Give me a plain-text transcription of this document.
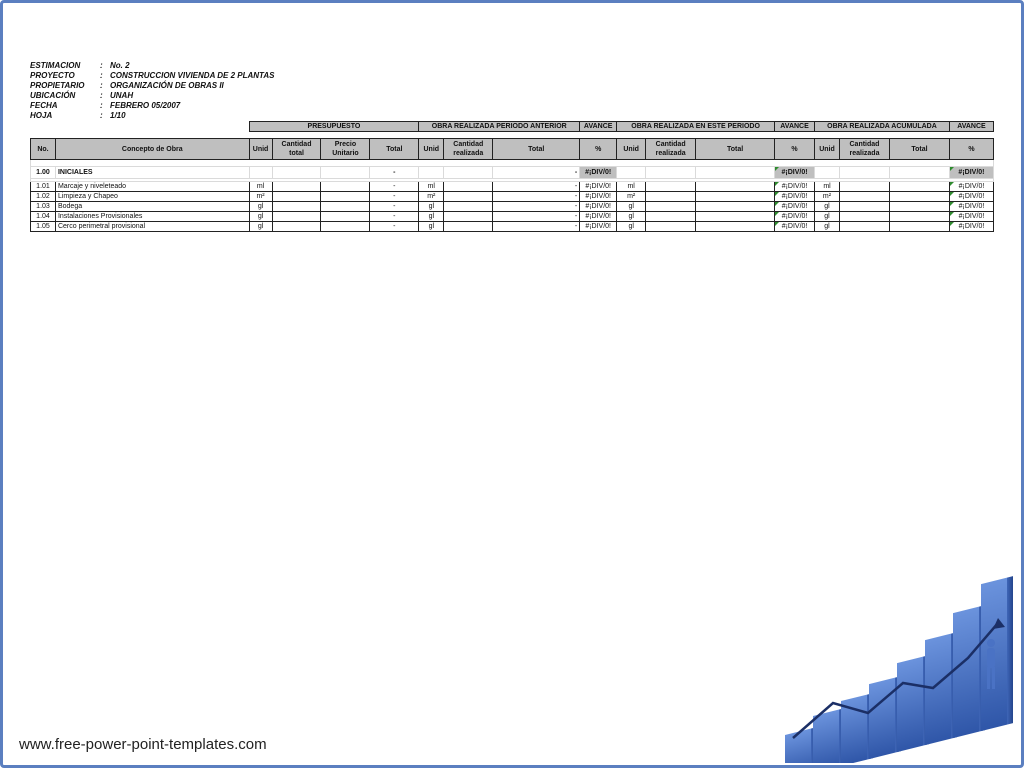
ESTIMACION : No. 2
PROYECTO	: CONSTRUCCION VIVIENDA DE 2 PLANTAS
PROPIETARIO : ORGANIZACIÓN DE OBRAS II
UBICACIÓN	: UNAH
FECHA	: FEBRERO 05/2007
HOJA	: 1/10
		PRESUPUESTO				OBRA REALIZADA PERIODO ANTERIOR			AVANCE	OBRA REALIZADA EN ESTE PERIODO			AVANCE	OBRA REALIZADA ACUMULADA			AVANCE

No.	Concepto de Obra	Unid	Cantidad total	Precio Unitario	Total	Unid	Cantidad realizada	Total	%	Unid	Cantidad realizada	Total	%	Unid	Cantidad realizada	Total	%

1.00	INICIALES				-			-	#¡DIV/0!				#¡DIV/0!				#¡DIV/0!

1.01	Marcaje y niveleteado	ml			-	ml		-	#¡DIV/0!	ml			#¡DIV/0!	ml			#¡DIV/0!
1.02	Limpieza y Chapeo	m²			-	m²		-	#¡DIV/0!	m²			#¡DIV/0!	m²			#¡DIV/0!
1.03	Bodega	gl			-	gl		-	#¡DIV/0!	gl			#¡DIV/0!	gl			#¡DIV/0!
1.04	Instalaciones Provisionales	gl			-	gl		-	#¡DIV/0!	gl			#¡DIV/0!	gl			#¡DIV/0!
1.05	Cerco perimetral provisional	gl			-	gl		-	#¡DIV/0!	gl			#¡DIV/0!	gl			#¡DIV/0!
www.free-power-point-templates.com
